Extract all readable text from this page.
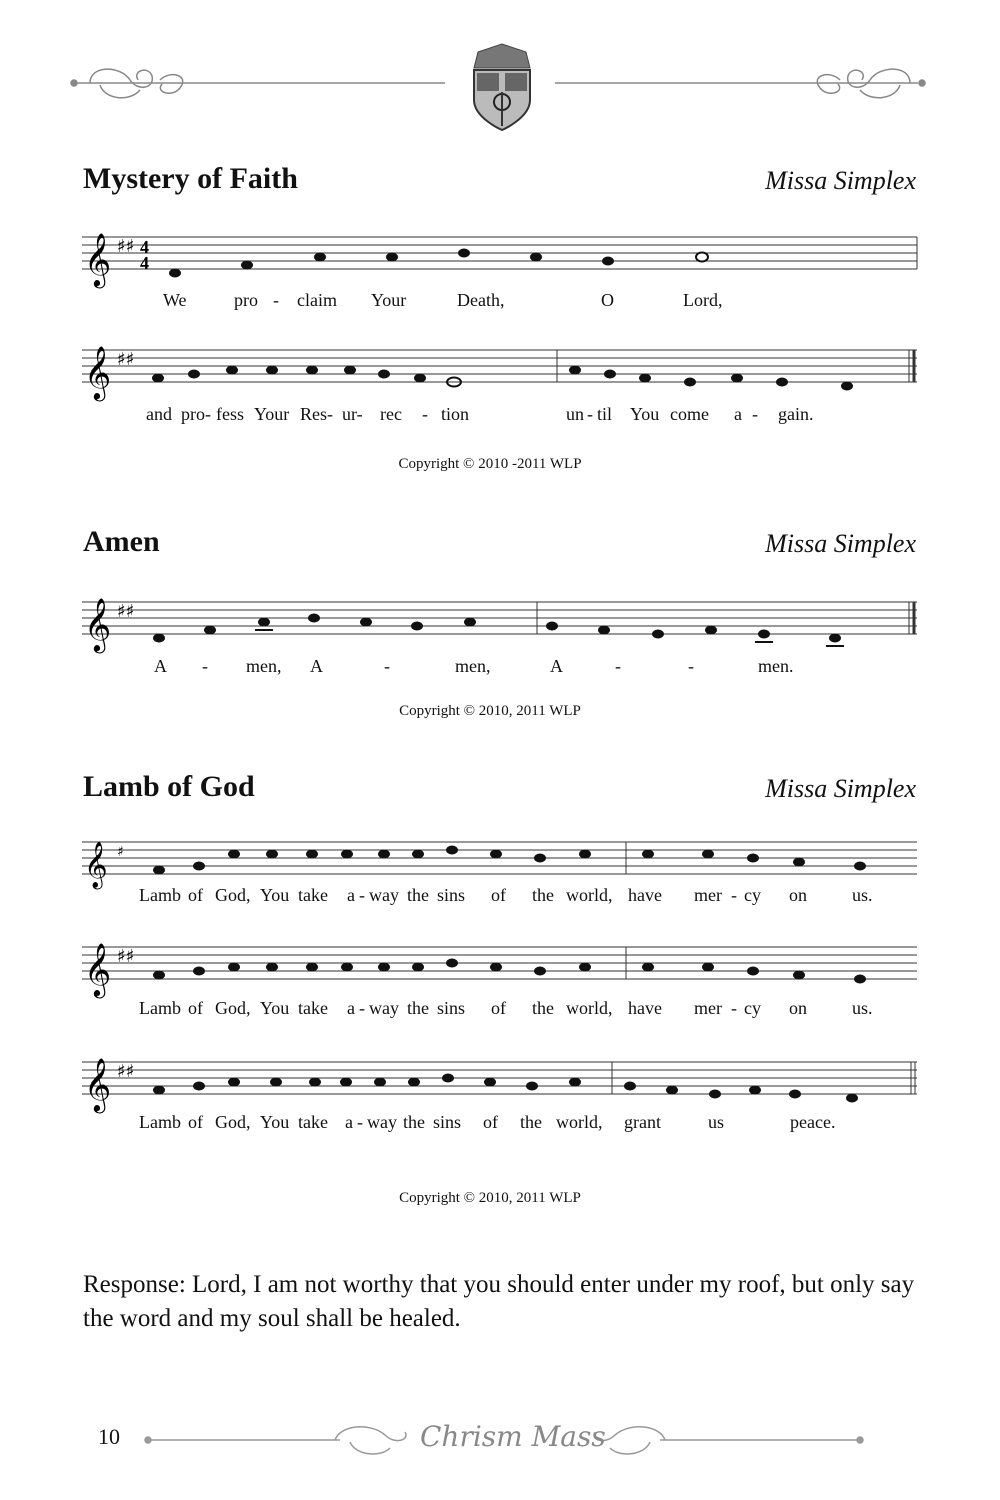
Mystery of Faith	Missa Simplex
𝄞 ♯♯ 4
4
We	pro - claim Your	Death,	O	Lord,
𝄞 ♯♯
and pro- fess Your Res- ur- rec - tion	un - til You come a - gain.
Copyright © 2010 -2011 WLP
Amen	Missa Simplex
𝄞 ♯♯
A - men, A	-	men,	A	-	-	men.
Copyright © 2010, 2011 WLP
Lamb of God	Missa Simplex
𝄞 ♯
Lamb of God, You take a - way the sins of the world, have mer - cy on	us.
𝄞 ♯♯
Lamb of God, You take a - way the sins of the world, have mer - cy on	us.
𝄞 ♯♯
Lamb of God, You take a - way the sins of the world, grant	us	peace.
Copyright © 2010, 2011 WLP
Response: Lord, I am not worthy that you should enter under my roof, but only say the word and my soul shall be healed.
10	Chrism Mass
